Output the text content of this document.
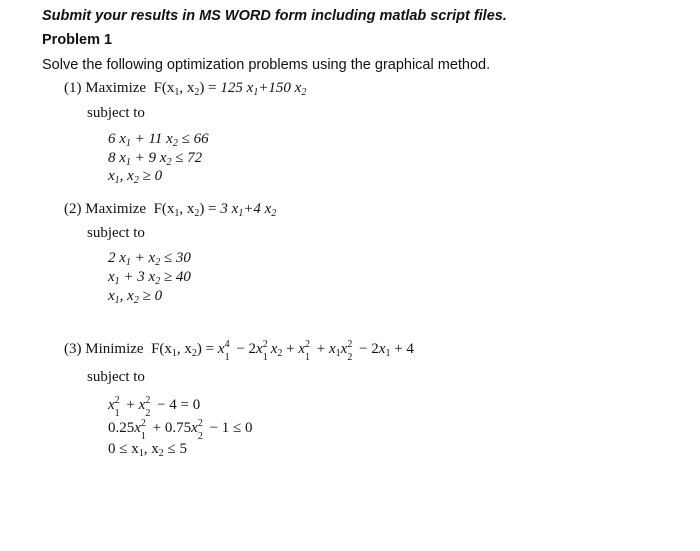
Submit your results in MS WORD form including matlab script files.
Problem 1
Solve the following optimization problems using the graphical method.
(1) Maximize  $F(x_1$, $x_2) = 125$ $x_1+150$ $x_2$
subject to
6 $x_1 + 11$ $x_2 \le 66$
8 $x_1 + 9$ $x_2 \le 72$
$x_1$, $x_2 \ge 0$
(2) Maximize  $F(x_1$, $x_2) = 3$ $x_1+4$ $x_2$
subject to
2 $x_1 + x_2 \le 30$
$x_1 + 3$ $x_2 \ge 40$
$x_1$, $x_2 \ge 0$
(3) Minimize  $F(x_1$, $x_2) = x$ 4
1
− 2x 2
1
$x_2 + x$ 2
1
+ $x_1x$ 2
2
− $2x_1 + 4$
subject to
x 2
1
+ x 2
2
− 4 = 0
0.25x 2
1
+ 0.75x 2
2
− 1 ≤ 0
$0 \le x_1$, $x_2 \le 5$
